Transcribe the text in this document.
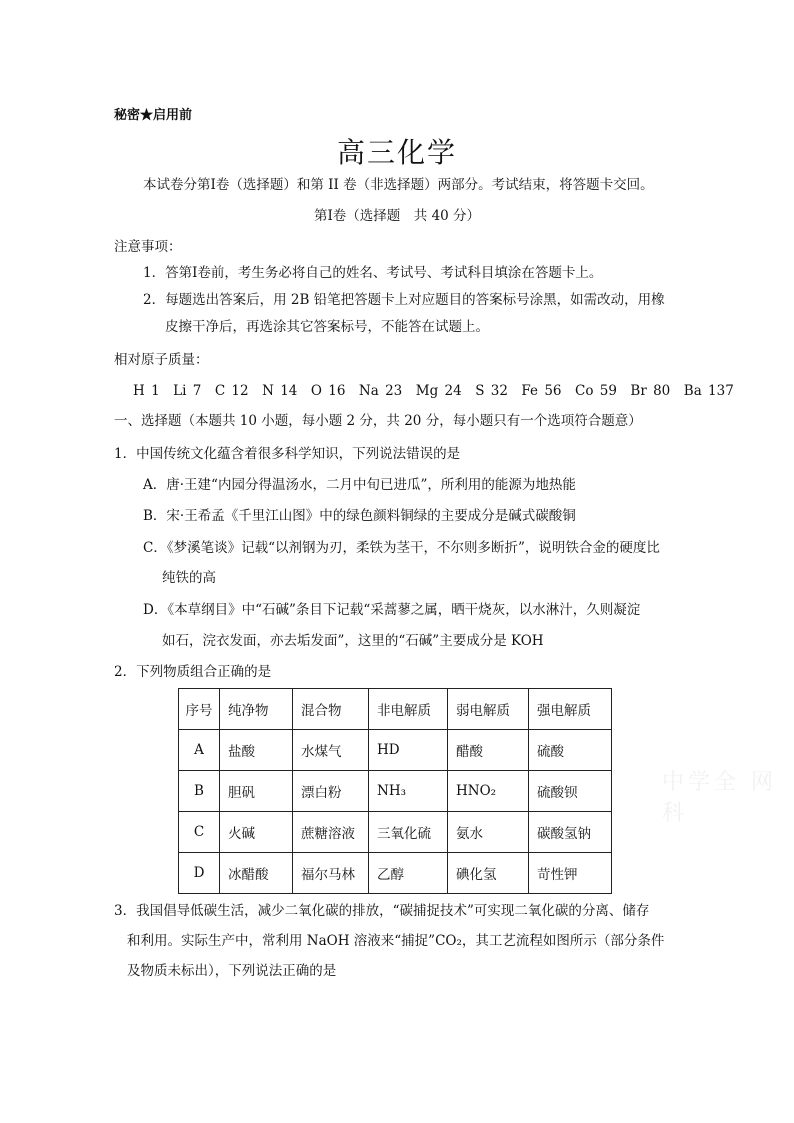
秘密★启用前
高三化学
本试卷分第Ⅰ卷（选择题）和第 II 卷（非选择题）两部分。考试结束，将答题卡交回。
第Ⅰ卷（选择题　共 40 分）
注意事项：
1．答第Ⅰ卷前，考生务必将自己的姓名、考试号、考试科目填涂在答题卡上。
2．每题选出答案后，用 2B 铅笔把答题卡上对应题目的答案标号涂黑，如需改动，用橡
皮擦干净后，再选涂其它答案标号，不能答在试题上。
相对原子质量：
H 1　Li 7　C 12　N 14　O 16　Na 23　Mg 24　S 32　Fe 56　Co 59　Br 80　Ba 137
一、选择题（本题共 10 小题，每小题 2 分，共 20 分，每小题只有一个选项符合题意）
1．中国传统文化蕴含着很多科学知识，下列说法错误的是
A．唐·王建“内园分得温汤水，二月中旬已进瓜”，所利用的能源为地热能
B．宋·王希孟《千里江山图》中的绿色颜料铜绿的主要成分是碱式碳酸铜
C．《梦溪笔谈》记载“以剂钢为刃，柔铁为茎干，不尔则多断折”，说明铁合金的硬度比
纯铁的高
D．《本草纲目》中“石碱”条目下记载“采蒿蓼之属，晒干烧灰，以水淋汁，久则凝淀
如石，浣衣发面，亦去垢发面”，这里的“石碱”主要成分是 KOH
2．下列物质组合正确的是
序号	纯净物	混合物	非电解质	弱电解质	强电解质
A	盐酸	水煤气	HD	醋酸	硫酸
B	胆矾	漂白粉	NH₃	HNO₂	硫酸钡
C	火碱	蔗糖溶液	三氧化硫	氨水	碳酸氢钠
D	冰醋酸	福尔马林	乙醇	碘化氢	苛性钾
中学全 网 科
3．我国倡导低碳生活，减少二氧化碳的排放，“碳捕捉技术”可实现二氧化碳的分离、储存
和利用。实际生产中，常利用 NaOH 溶液来“捕捉”CO₂，其工艺流程如图所示（部分条件
及物质未标出），下列说法正确的是
